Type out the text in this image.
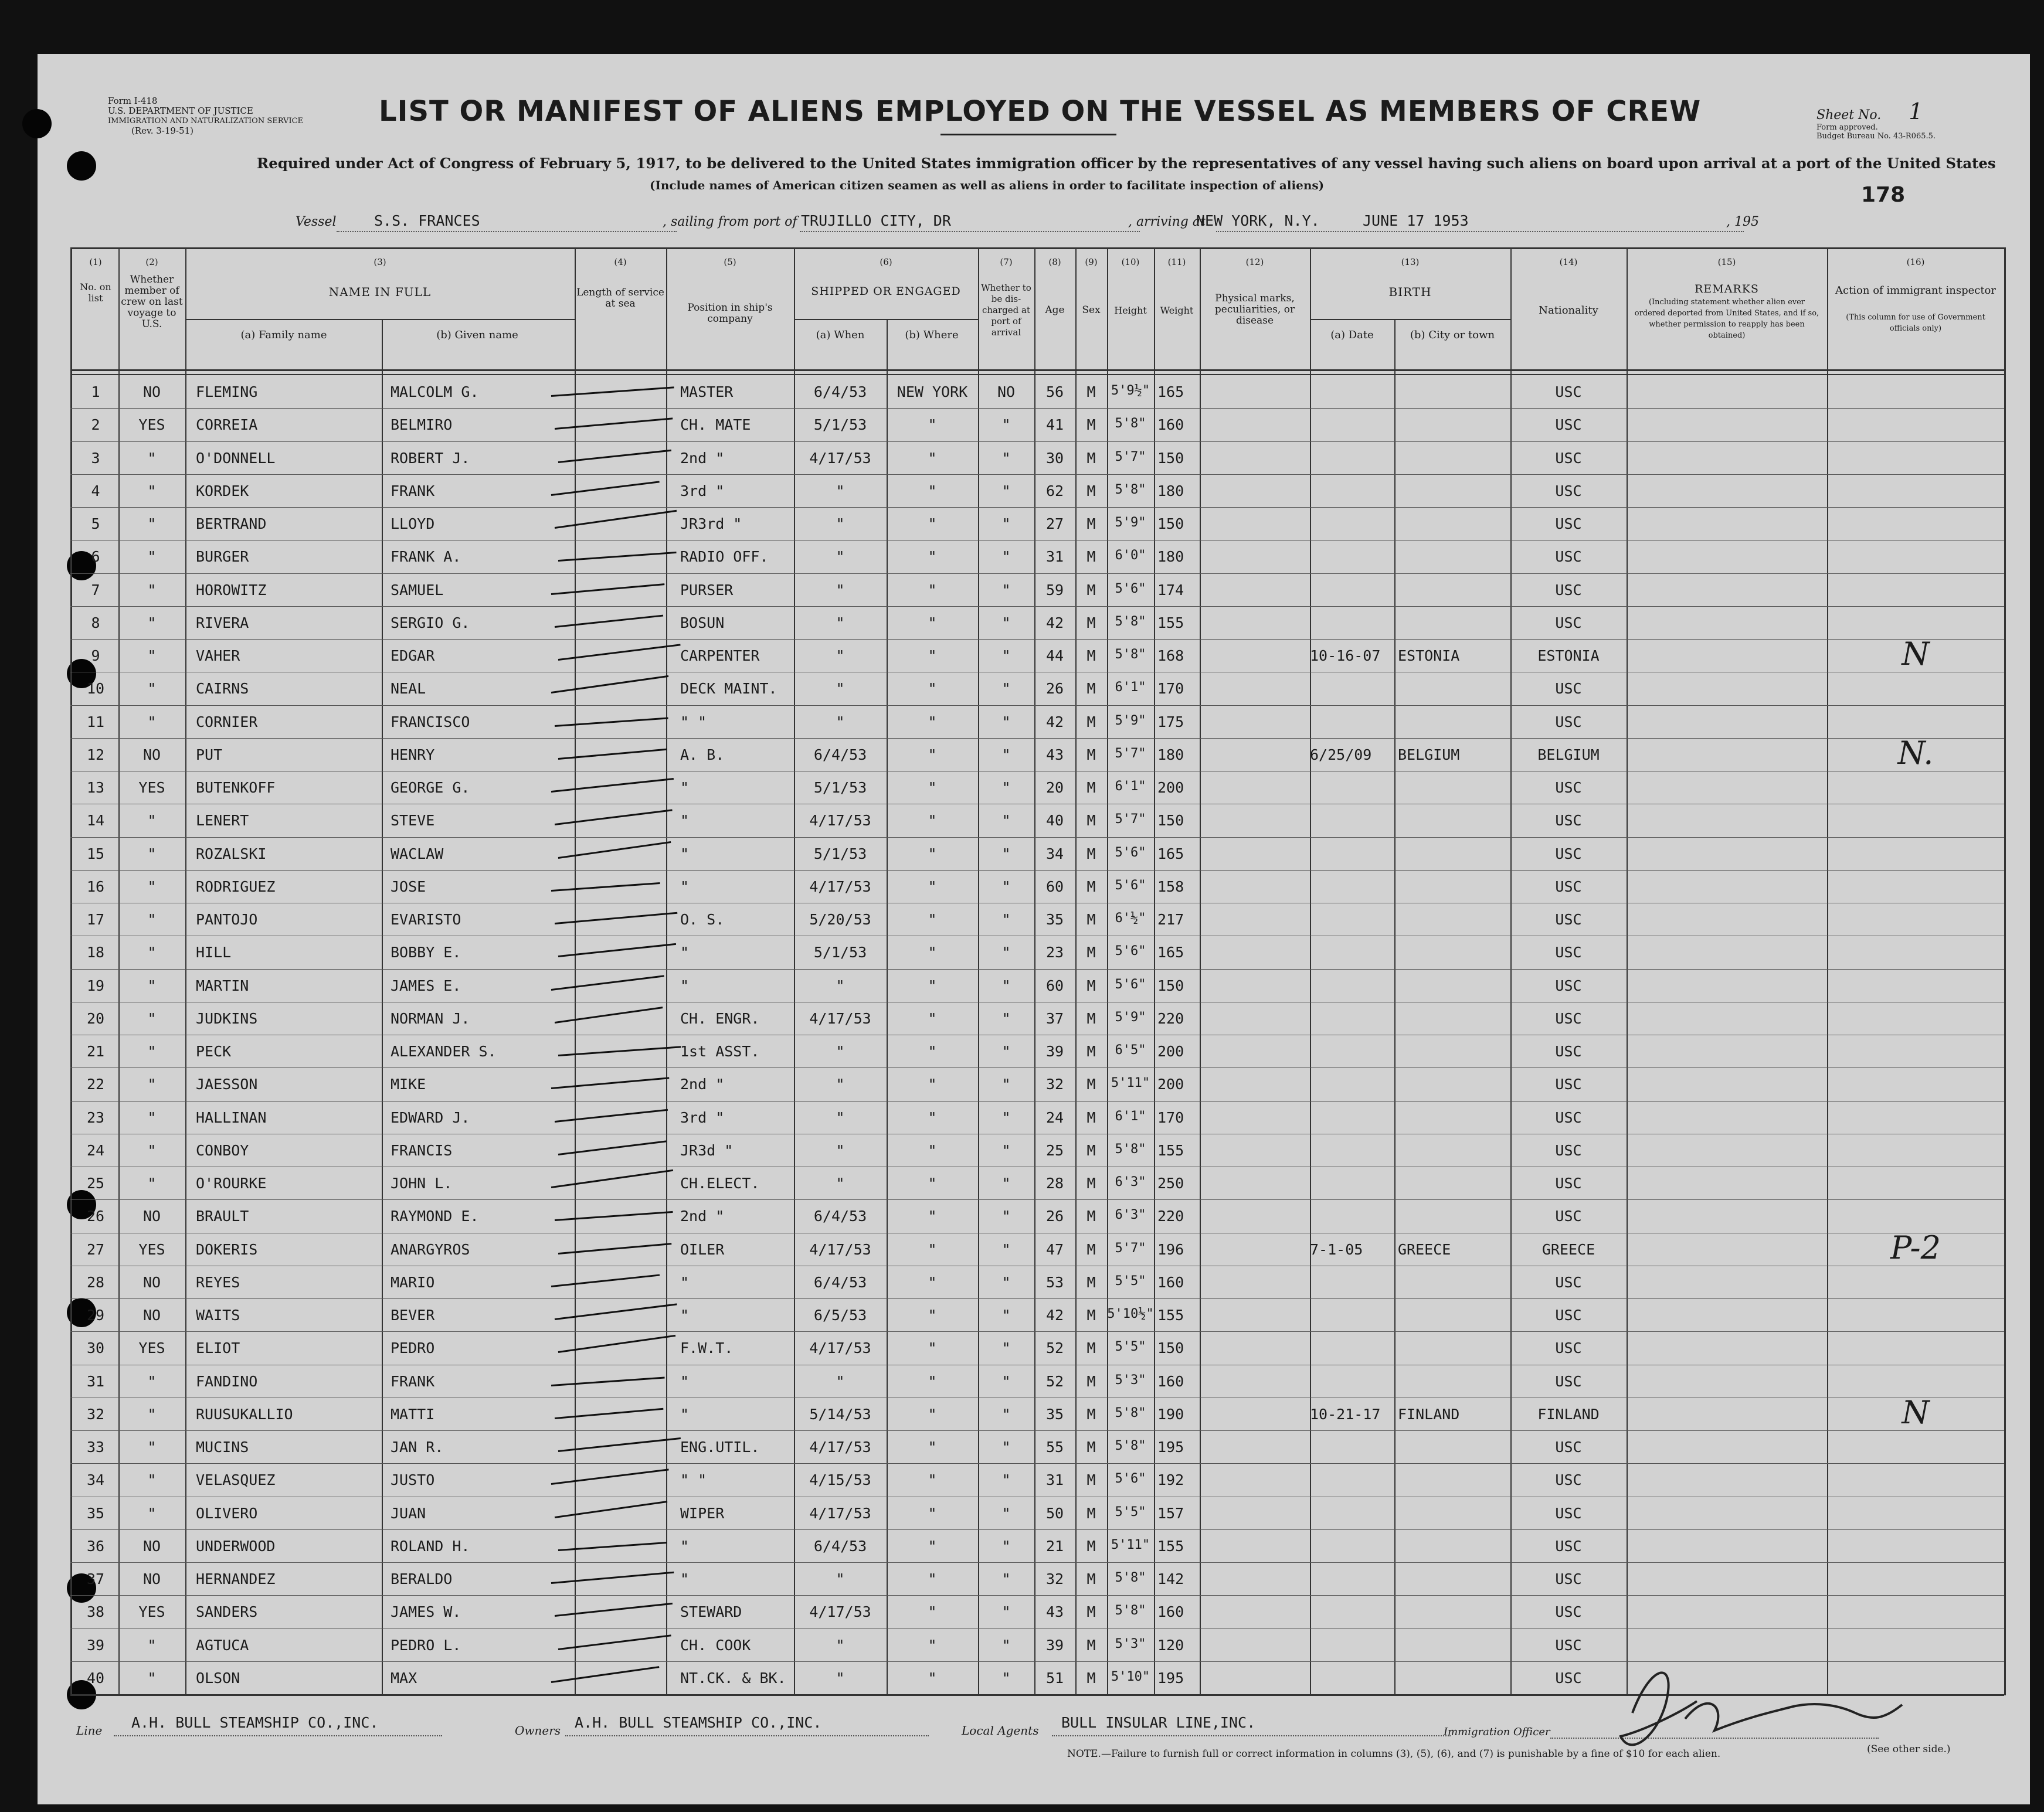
Form I-418
U.S. DEPARTMENT OF JUSTICE
IMMIGRATION AND NATURALIZATION SERVICE
(Rev. 3-19-51)
LIST OR MANIFEST OF ALIENS EMPLOYED ON THE VESSEL AS MEMBERS OF CREW	Sheet No. 1
Form approved.
Budget Bureau No. 43-R065.5.
Required under Act of Congress of February 5, 1917, to be delivered to the United States immigration officer by the representatives of any vessel having such aliens on board upon arrival at a port of the United States
(Include names of American citizen seamen as well as aliens in order to facilitate inspection of aliens)	178
Vessel	S.S. FRANCES	, sailing from port of TRUJILLO CITY, DR	, arriving at
NEW YORK, N.Y.	JUNE 17 1953	, 195
(1)	(2)	(3)	(4)	(5)	(6)	(7)	(8)	(9)	(10)	(11)	(12)	(13)	(14)	(15)	(16)
No. on list
Whether member of crew on last voyage to U.S.
NAME IN FULL
(a) Family name	(b) Given name
Length of service at sea	Position in ship's company
SHIPPED OR ENGAGED
(a) When	(b) Where
Whether to be dis-charged at port of arrival
Age	Sex	Height	Weight
Physical marks, peculiarities, or disease
BIRTH
(a) Date	(b) City or town
Nationality
REMARKS
(Including statement whether alien ever ordered deported from United States, and if so, whether permission to reapply has been obtained)
Action of immigrant inspector
(This column for use of Government officials only)
1	NO	FLEMING	MALCOLM G.	MASTER	6/4/53	NEW YORK	NO	56	M	5'9½" 165	USC
2	YES	CORREIA	BELMIRO	CH. MATE	5/1/53	"	"	41	M	5'8" 160	USC
3	"	O'DONNELL	ROBERT J.	2nd "	4/17/53	"	"	30	M	5'7" 150	USC
4	"	KORDEK	FRANK	3rd "	"	"	"	62	M	5'8" 180	USC
5	"	BERTRAND	LLOYD	JR3rd "	"	"	"	27	M	5'9" 150	USC
6	"	BURGER	FRANK A.	RADIO OFF.	"	"	"	31	M	6'0" 180	USC
7	"	HOROWITZ	SAMUEL	PURSER	"	"	"	59	M	5'6" 174	USC
8	"	RIVERA	SERGIO G.	BOSUN	"	"	"	42	M	5'8" 155	USC
9	"	VAHER	EDGAR	CARPENTER	"	"	"	44	M	5'8" 168	10-16-07	ESTONIA	ESTONIA	N
10	"	CAIRNS	NEAL	DECK MAINT.	"	"	"	26	M	6'1" 170	USC
11	"	CORNIER	FRANCISCO	" "	"	"	"	42	M	5'9" 175	USC
12	NO	PUT	HENRY	A. B.	6/4/53	"	"	43	M	5'7" 180	6/25/09	BELGIUM	BELGIUM	N.
13	YES	BUTENKOFF	GEORGE G.	"	5/1/53	"	"	20	M	6'1" 200	USC
14	"	LENERT	STEVE	"	4/17/53	"	"	40	M	5'7" 150	USC
15	"	ROZALSKI	WACLAW	"	5/1/53	"	"	34	M	5'6" 165	USC
16	"	RODRIGUEZ	JOSE	"	4/17/53	"	"	60	M	5'6" 158	USC
17	"	PANTOJO	EVARISTO	O. S.	5/20/53	"	"	35	M	6'½" 217	USC
18	"	HILL	BOBBY E.	"	5/1/53	"	"	23	M	5'6" 165	USC
19	"	MARTIN	JAMES E.	"	"	"	"	60	M	5'6" 150	USC
20	"	JUDKINS	NORMAN J.	CH. ENGR.	4/17/53	"	"	37	M	5'9" 220	USC
21	"	PECK	ALEXANDER S.	1st ASST.	"	"	"	39	M	6'5" 200	USC
22	"	JAESSON	MIKE	2nd "	"	"	"	32	M	5'11" 200	USC
23	"	HALLINAN	EDWARD J.	3rd "	"	"	"	24	M	6'1" 170	USC
24	"	CONBOY	FRANCIS	JR3d "	"	"	"	25	M	5'8" 155	USC
25	"	O'ROURKE	JOHN L.	CH.ELECT.	"	"	"	28	M	6'3" 250	USC
26	NO	BRAULT	RAYMOND E.	2nd "	6/4/53	"	"	26	M	6'3" 220	USC
27	YES	DOKERIS	ANARGYROS	OILER	4/17/53	"	"	47	M	5'7" 196	7-1-05	GREECE	GREECE	P-2
28	NO	REYES	MARIO	"	6/4/53	"	"	53	M	5'5" 160	USC
29	NO	WAITS	BEVER	"	6/5/53	"	"	42	M 5'10½" 155	USC
30	YES	ELIOT	PEDRO	F.W.T.	4/17/53	"	"	52	M	5'5" 150	USC
31	"	FANDINO	FRANK	"	"	"	"	52	M	5'3" 160	USC
32	"	RUUSUKALLIO	MATTI	"	5/14/53	"	"	35	M	5'8" 190	10-21-17	FINLAND	FINLAND	N
33	"	MUCINS	JAN R.	ENG.UTIL.	4/17/53	"	"	55	M	5'8" 195	USC
34	"	VELASQUEZ	JUSTO	" "	4/15/53	"	"	31	M	5'6" 192	USC
35	"	OLIVERO	JUAN	WIPER	4/17/53	"	"	50	M	5'5" 157	USC
36	NO	UNDERWOOD	ROLAND H.	"	6/4/53	"	"	21	M	5'11" 155	USC
37	NO	HERNANDEZ	BERALDO	"	"	"	"	32	M	5'8" 142	USC
38	YES	SANDERS	JAMES W.	STEWARD	4/17/53	"	"	43	M	5'8" 160	USC
39	"	AGTUCA	PEDRO L.	CH. COOK	"	"	"	39	M	5'3" 120	USC
40	"	OLSON	MAX	NT.CK. & BK.	"	"	"	51	M	5'10" 195	USC
Line A.H. BULL STEAMSHIP CO.,INC.	Owners A.H. BULL STEAMSHIP CO.,INC.	Local Agents BULL INSULAR LINE,INC.
Immigration Officer
NOTE.—Failure to furnish full or correct information in columns (3), (5), (6), and (7) is punishable by a fine of $10 for each alien.	(See other side.)
